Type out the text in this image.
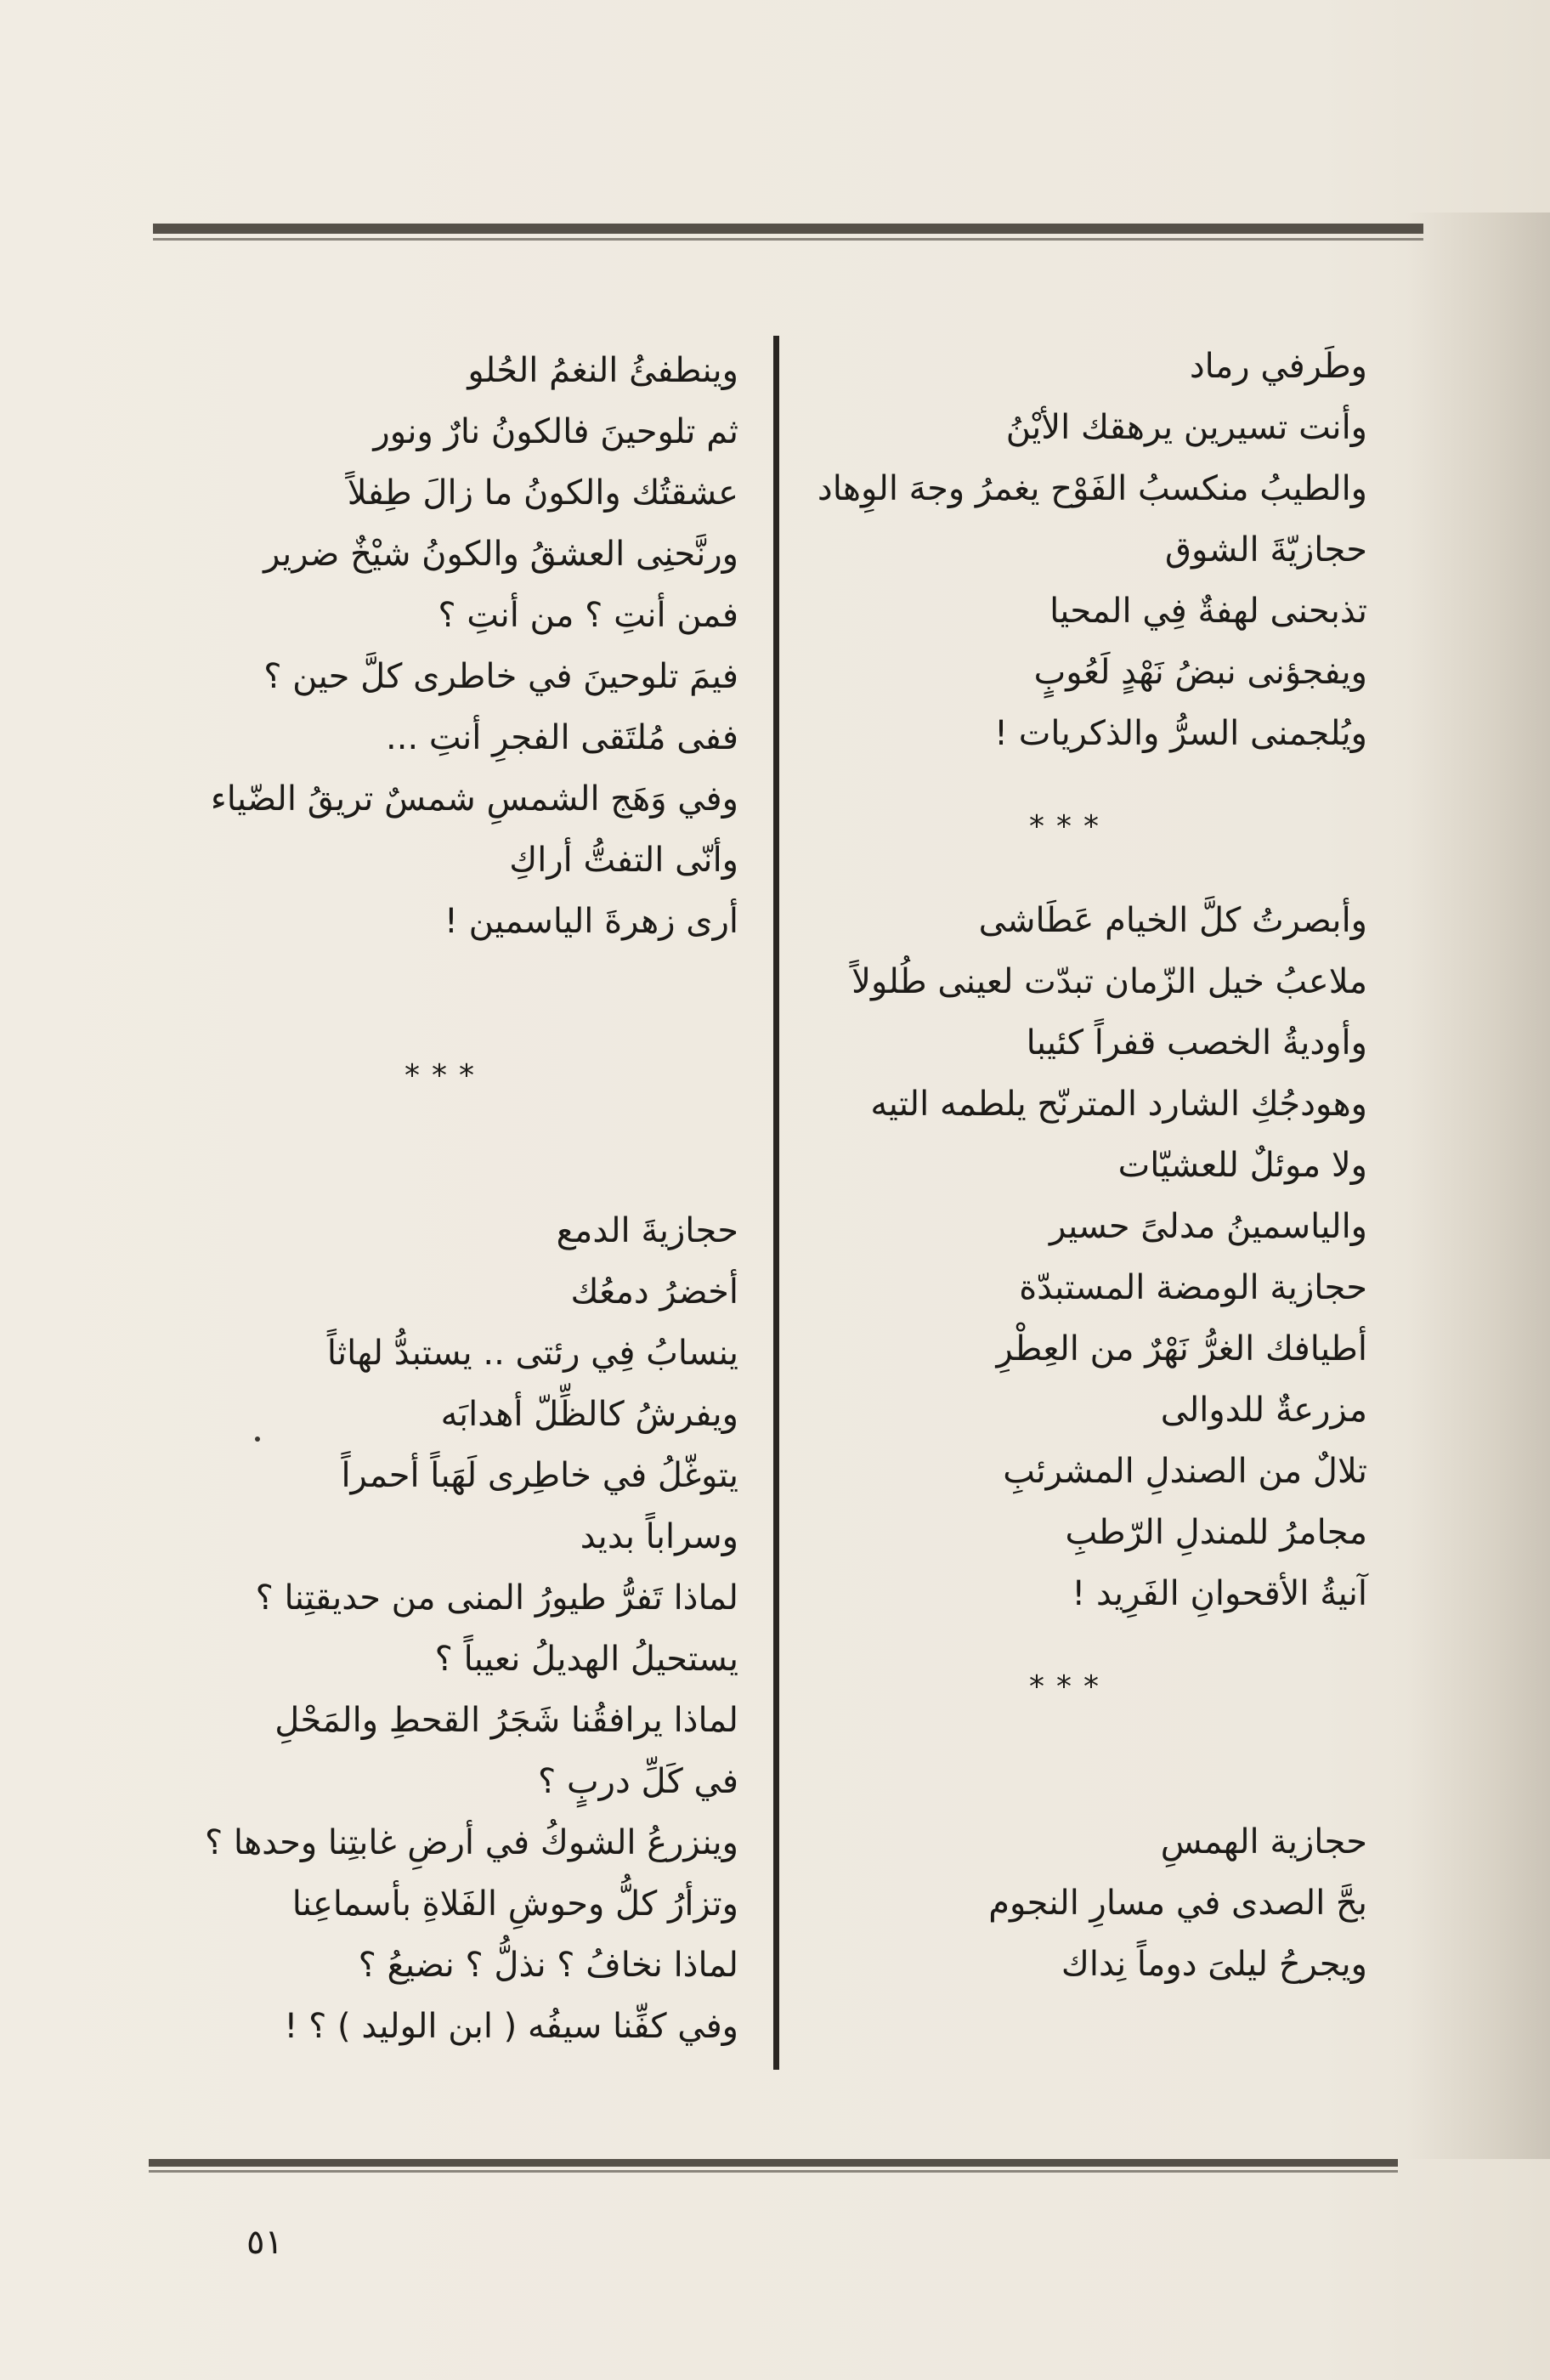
وطَرفي رماد
وأنت تسيرين يرهقك الأيْنُ
والطيبُ منكسبُ الفَوْح يغمرُ وجهَ الوِهاد
حجازيّةَ الشوق
تذبحنى لهفةٌ فِي المحيا
ويفجؤنى نبضُ نَهْدٍ لَعُوبٍ
ويُلجمنى السرُّ والذكريات !
***
وأبصرتُ كلَّ الخيام عَطَاشى
ملاعبُ خيل الزّمان تبدّت لعينى طُلولاً
وأوديةُ الخصب قفراً كئيبا
وهودجُكِ الشارد المترنّح يلطمه التيه
ولا موئلٌ للعشيّات
والياسمينُ مدلىً حسير
حجازية الومضة المستبدّة
أطيافك الغرُّ نَهْرٌ من العِطْرِ
مزرعةٌ للدوالى
تلالٌ من الصندلِ المشرئبِ
مجامرُ للمندلِ الرّطبِ
آنيةُ الأقحوانِ الفَرِيد !
***
حجازية الهمسِ
بحَّ الصدى في مسارِ النجوم
ويجرحُ ليلىَ دوماً نِداك
وينطفئُ النغمُ الحُلو
ثم تلوحينَ فالكونُ نارٌ ونور
عشقتُك والكونُ ما زالَ طِفلاً
ورنَّحنِى العشقُ والكونُ شيْخٌ ضرير
فمن أنتِ ؟ من أنتِ ؟
فيمَ تلوحينَ في خاطرى كلَّ حين ؟
ففى مُلتَقى الفجرِ أنتِ ...
وفي وَهَج الشمسِ شمسٌ تريقُ الضّياء
وأنّى التفتُّ أراكِ
أرى زهرةَ الياسمين !
***
حجازيةَ الدمع
أخضرُ دمعُك
ينسابُ فِي رئتى .. يستبدُّ لهاثاً
ويفرشُ كالظِّلّ أهدابَه
يتوغّلُ في خاطِرى لَهَباً أحمراً
وسراباً بديد
لماذا تَفرُّ طيورُ المنى من حديقتِنا ؟
يستحيلُ الهديلُ نعيباً ؟
لماذا يرافقُنا شَجَرُ القحطِ والمَحْلِ
في كَلِّ دربٍ ؟
وينزرعُ الشوكُ في أرضِ غابتِنا وحدها ؟
وتزأرُ كلُّ وحوشِ الفَلاةِ بأسماعِنا
لماذا نخافُ ؟ نذلُّ ؟ نضيعُ ؟
وفي كفِّنا سيفُه ( ابن الوليد ) ؟ !
٥١
